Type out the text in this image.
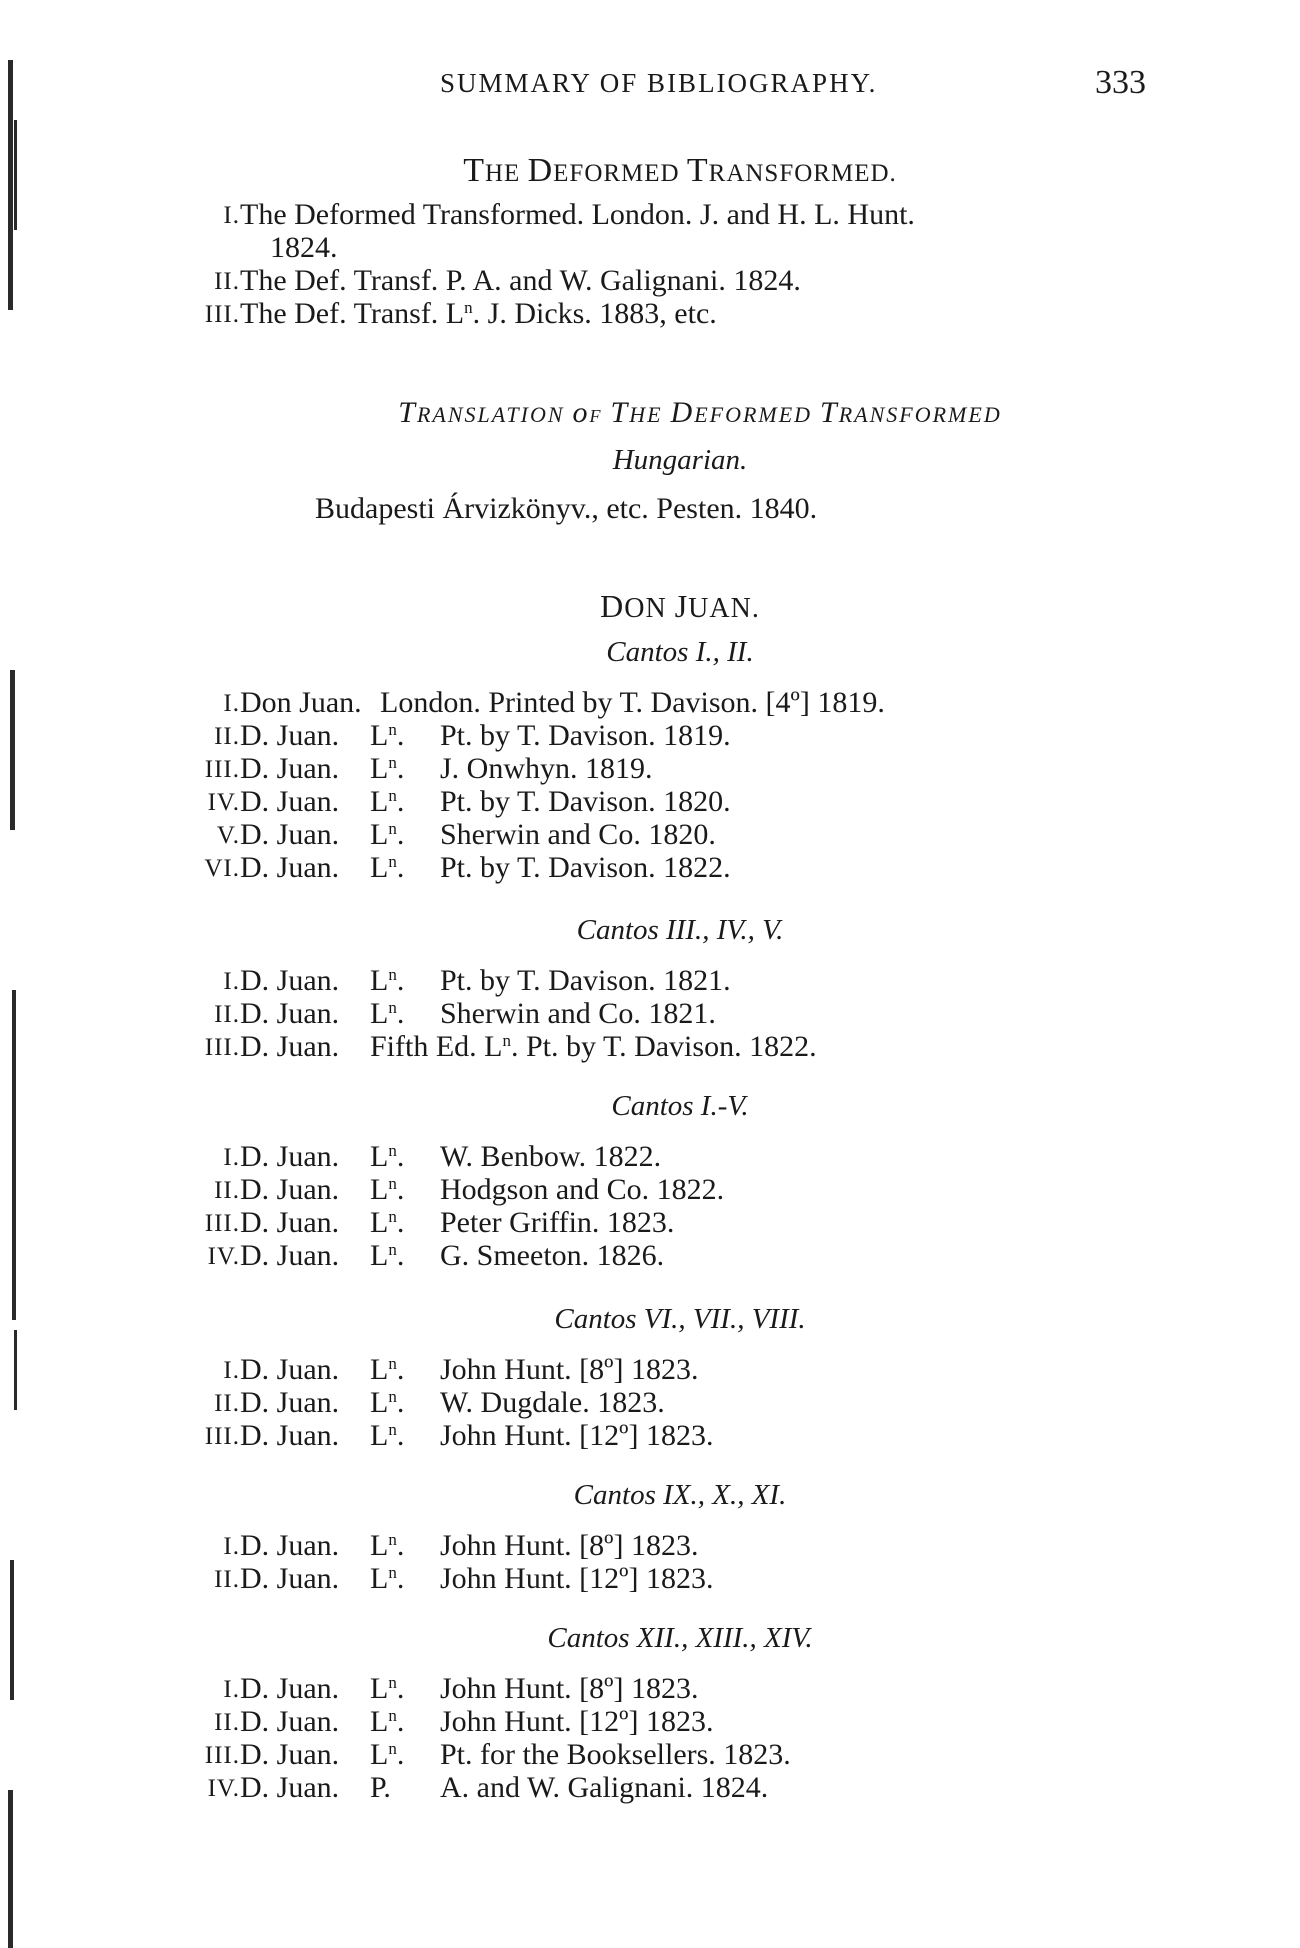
SUMMARY OF BIBLIOGRAPHY.	333
THE DEFORMED TRANSFORMED.
I. The Deformed Transformed. London. J. and H. L. Hunt.
1824.
II. The Def. Transf. P. A. and W. Galignani. 1824.
III. The Def. Transf. $L^n$. J. Dicks. 1883, etc.
TRANSLATION oF THE DEFORMED TRANSFORMED
Hungarian.
Budapesti Árvizkönyv., etc. Pesten. 1840.
DON JUAN.
Cantos I., II.
I. Don Juan. London. Printed by T. Davison. [4º] 1819.
II. D. Juan. $L^n$. Pt. by T. Davison. 1819.
III. D. Juan. $L^n$. J. Onwhyn. 1819.
IV. D. Juan. $L^n$. Pt. by T. Davison. 1820.
V. D. Juan. $L^n$. Sherwin and Co. 1820.
VI. D. Juan. $L^n$. Pt. by T. Davison. 1822.
Cantos III., IV., V.
I. D. Juan. $L^n$. Pt. by T. Davison. 1821.
II. D. Juan. $L^n$. Sherwin and Co. 1821.
III. D. Juan. Fifth Ed. $L^n$. Pt. by T. Davison. 1822.
Cantos I.-V.
I. D. Juan. $L^n$. W. Benbow. 1822.
II. D. Juan. $L^n$. Hodgson and Co. 1822.
III. D. Juan. $L^n$. Peter Griffin. 1823.
IV. D. Juan. $L^n$. G. Smeeton. 1826.
Cantos VI., VII., VIII.
I. D. Juan. $L^n$. John Hunt. [8º] 1823.
II. D. Juan. $L^n$. W. Dugdale. 1823.
III. D. Juan. $L^n$. John Hunt. [12º] 1823.
Cantos IX., X., XI.
I. D. Juan. $L^n$. John Hunt. [8º] 1823.
II. D. Juan. $L^n$. John Hunt. [12º] 1823.
Cantos XII., XIII., XIV.
I. D. Juan. $L^n$. John Hunt. [8º] 1823.
II. D. Juan. $L^n$. John Hunt. [12º] 1823.
III. D. Juan. $L^n$. Pt. for the Booksellers. 1823.
IV. D. Juan. P. A. and W. Galignani. 1824.
